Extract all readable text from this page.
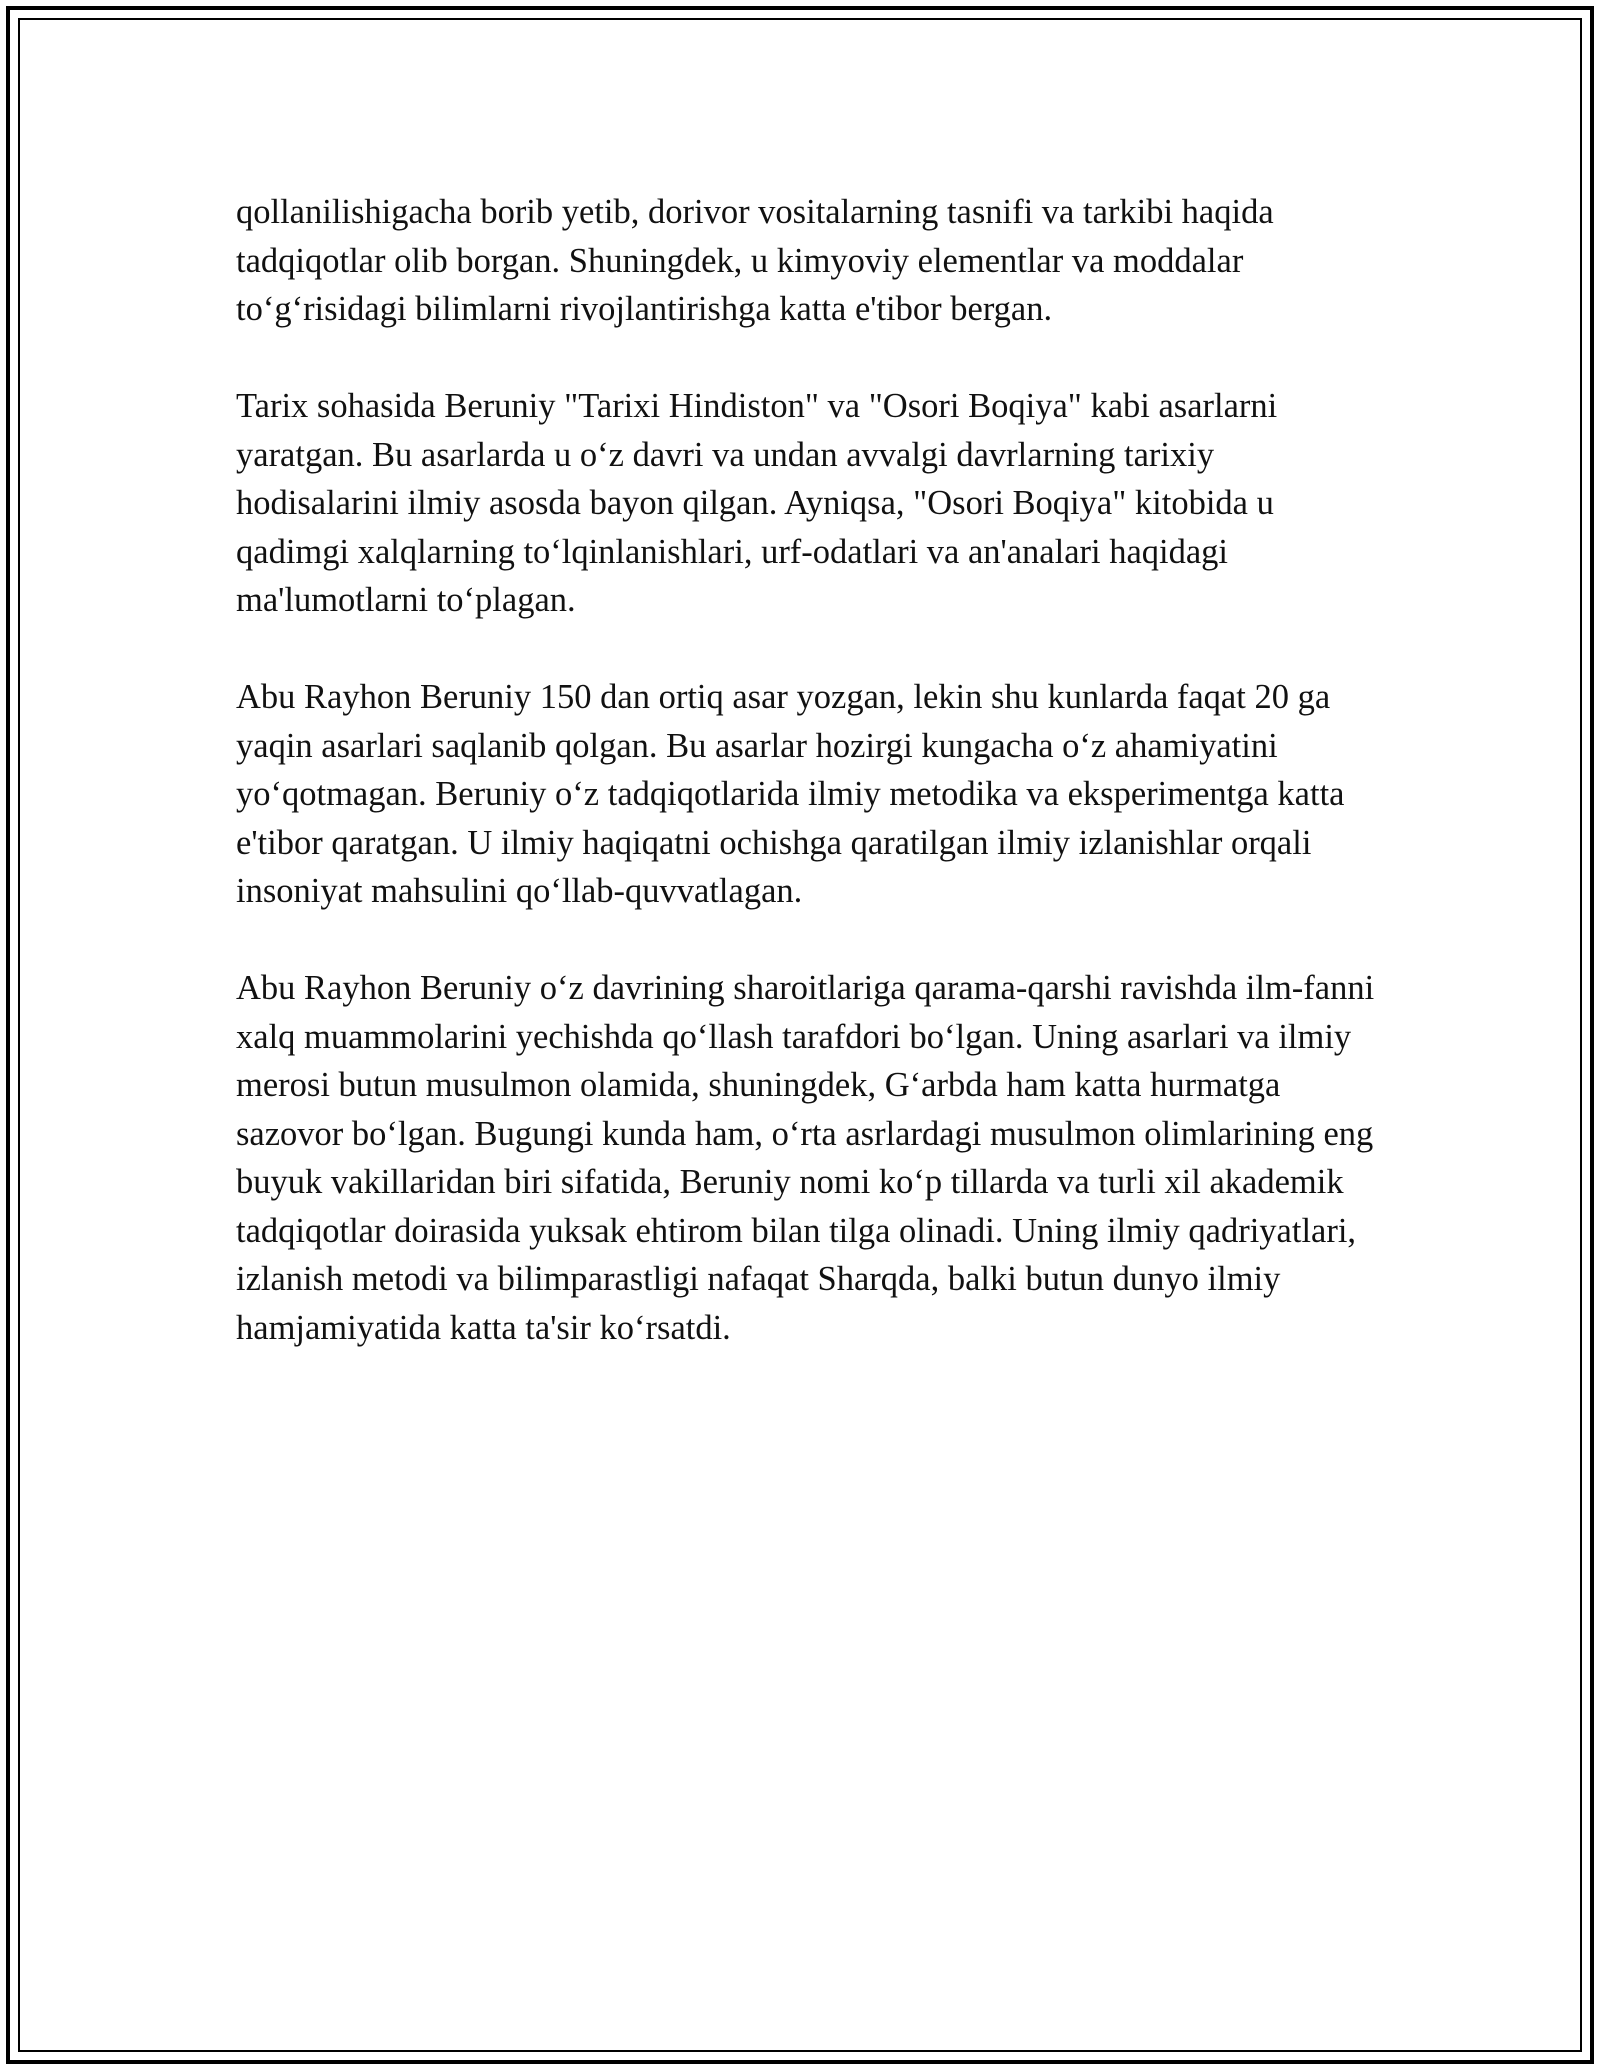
qollanilishigacha borib yetib, dorivor vositalarning tasnifi va tarkibi haqida tadqiqotlar olib borgan. Shuningdek, u kimyoviy elementlar va moddalar to‘g‘risidagi bilimlarni rivojlantirishga katta e'tibor bergan.

Tarix sohasida Beruniy "Tarixi Hindiston" va "Osori Boqiya" kabi asarlarni yaratgan. Bu asarlarda u o‘z davri va undan avvalgi davrlarning tarixiy hodisalarini ilmiy asosda bayon qilgan. Ayniqsa, "Osori Boqiya" kitobida u qadimgi xalqlarning to‘lqinlanishlari, urf-odatlari va an'analari haqidagi ma'lumotlarni to‘plagan.

Abu Rayhon Beruniy 150 dan ortiq asar yozgan, lekin shu kunlarda faqat 20 ga yaqin asarlari saqlanib qolgan. Bu asarlar hozirgi kungacha o‘z ahamiyatini yo‘qotmagan. Beruniy o‘z tadqiqotlarida ilmiy metodika va eksperimentga katta e'tibor qaratgan. U ilmiy haqiqatni ochishga qaratilgan ilmiy izlanishlar orqali insoniyat mahsulini qo‘llab-quvvatlagan.

Abu Rayhon Beruniy o‘z davrining sharoitlariga qarama-qarshi ravishda ilm-fanni xalq muammolarini yechishda qo‘llash tarafdori bo‘lgan. Uning asarlari va ilmiy merosi butun musulmon olamida, shuningdek, G‘arbda ham katta hurmatga sazovor bo‘lgan. Bugungi kunda ham, o‘rta asrlardagi musulmon olimlarining eng buyuk vakillaridan biri sifatida, Beruniy nomi ko‘p tillarda va turli xil akademik tadqiqotlar doirasida yuksak ehtirom bilan tilga olinadi. Uning ilmiy qadriyatlari, izlanish metodi va bilimparastligi nafaqat Sharqda, balki butun dunyo ilmiy hamjamiyatida katta ta'sir ko‘rsatdi.
